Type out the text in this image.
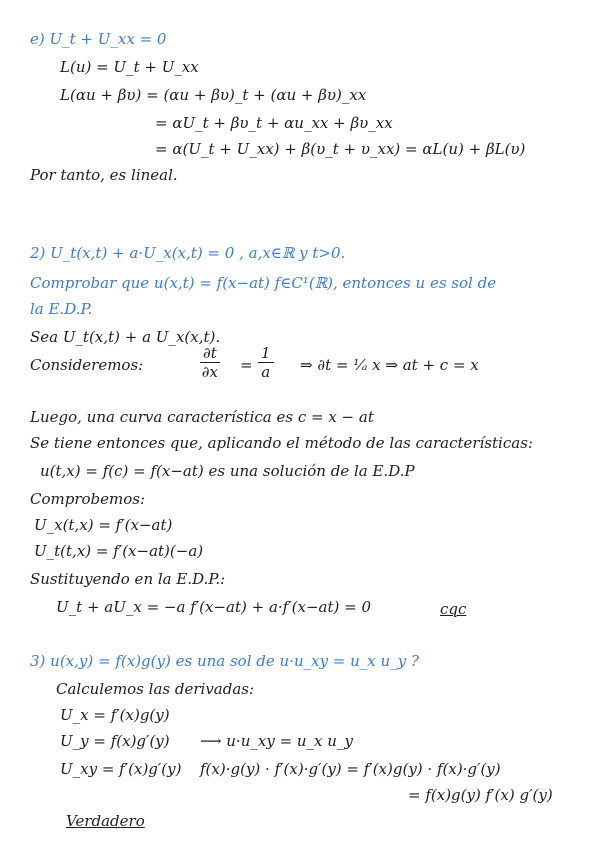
e) U_t + U_xx = 0
L(u) = U_t + U_xx
L(αu + βυ) = (αu + βυ)_t + (αu + βυ)_xx
= αU_t + βυ_t + αu_xx + βυ_xx
= α(U_t + U_xx) + β(υ_t + υ_xx) = αL(u) + βL(υ)
Por tanto, es lineal.
2) U_t(x,t) + a·U_x(x,t) = 0 , a,x∈ℝ y t>0.
Comprobar que u(x,t) = f(x−at) f∈C¹(ℝ), entonces u es sol de
la E.D.P.
Sea U_t(x,t) + a U_x(x,t).
Consideremos:	$\frac{\partial t}{\partial x} = \frac{1}{a}$ ⇒ ∂t = ¹⁄ₐ x ⇒ at + c = x
Luego, una curva característica es c = x − at
Se tiene entonces que, aplicando el método de las características:
u(t,x) = f(c) = f(x−at) es una solución de la E.D.P
Comprobemos:
U_x(t,x) = f′(x−at)
U_t(t,x) = f′(x−at)(−a)
Sustituyendo en la E.D.P.:
U_t + aU_x = −a f′(x−at) + a·f′(x−at) = 0	cqc
3) u(x,y) = f(x)g(y) es una sol de u·u_xy = u_x u_y ?
Calculemos las derivadas:
U_x = f′(x)g(y)
U_y = f(x)g′(y) ⟶ u·u_xy = u_x u_y
U_xy = f′(x)g′(y) f(x)·g(y) · f′(x)·g′(y) = f′(x)g(y) · f(x)·g′(y)
= f(x)g(y) f′(x) g′(y)
Verdadero
